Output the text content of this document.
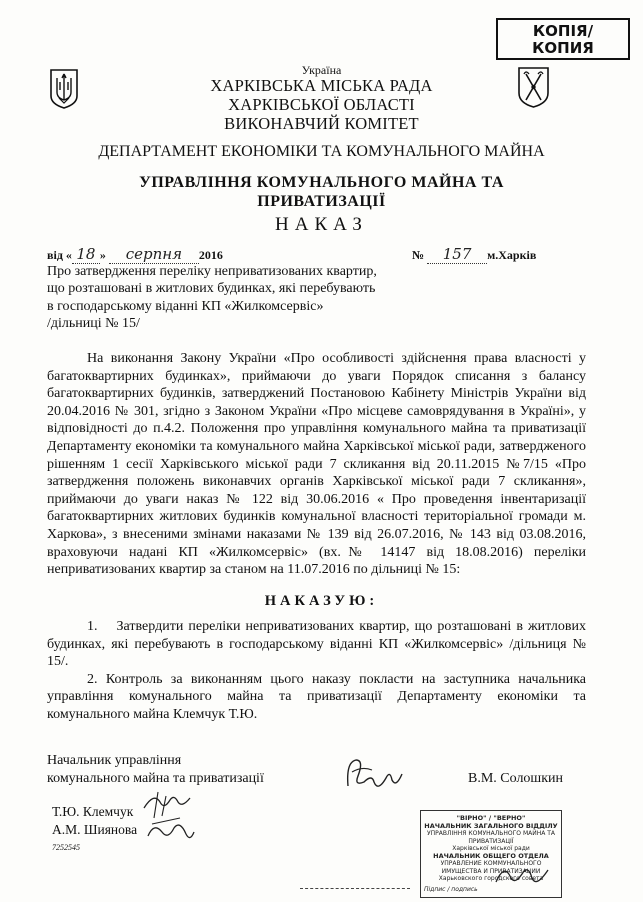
КОПІЯ/
КОПИЯ
Україна
ХАРКІВСЬКА МІСЬКА РАДА
ХАРКІВСЬКОЇ ОБЛАСТІ
ВИКОНАВЧИЙ КОМІТЕТ
ДЕПАРТАМЕНТ ЕКОНОМІКИ ТА КОМУНАЛЬНОГО МАЙНА
УПРАВЛІННЯ КОМУНАЛЬНОГО МАЙНА ТА ПРИВАТИЗАЦІЇ
НАКАЗ
від « 18 » серпня 2016	№ 157 м.Харків
Про затвердження переліку неприватизованих квартир,
що розташовані в житлових будинках, які перебувають
в господарському віданні КП «Жилкомсервіс»
/дільниці № 15/
На виконання Закону України «Про особливості здійснення права власності у багатоквартирних будинках», приймаючи до уваги Порядок списання з балансу багатоквартирних будинків, затверджений Постановою Кабінету Міністрів України від 20.04.2016 № 301, згідно з Законом України «Про місцеве самоврядування в Україні», у відповідності до п.4.2. Положення про управління комунального майна та приватизації Департаменту економіки та комунального майна Харківської міської ради, затвердженого рішенням 1 сесії Харківського міської ради 7 скликання від 20.11.2015 №7/15 «Про затвердження положень виконавчих органів Харківської міської ради 7 скликання», приймаючи до уваги наказ № 122 від 30.06.2016 « Про проведення інвентаризації багатоквартирних житлових будинків комунальної власності територіальної громади м. Харкова», з внесеними змінами наказами № 139 від 26.07.2016, № 143 від 03.08.2016, враховуючи надані КП «Жилкомсервіс» (вх.№ 14147 від 18.08.2016) переліки неприватизованих квартир за станом на 11.07.2016 по дільниці № 15:
НАКАЗУЮ:

1.  Затвердити переліки неприватизованих квартир, що розташовані в житлових будинках, які перебувають в господарському віданні КП «Жилкомсервіс» /дільниця № 15/.

2. Контроль за виконанням цього наказу покласти на заступника начальника управління комунального майна та приватизації Департаменту економіки та комунального майна Клемчук Т.Ю.

Начальник управління
комунального майна та приватизації	В.М. Солошкин
Т.Ю. Клемчук
А.М. Шиянова
7252545
"ВІРНО" / "ВЕРНО"
НАЧАЛЬНИК ЗАГАЛЬНОГО ВІДДІЛУ
УПРАВЛІННЯ КОМУНАЛЬНОГО МАЙНА ТА ПРИВАТИЗАЦІЇ
Харківської міської ради
НАЧАЛЬНИК ОБЩЕГО ОТДЕЛА
УПРАВЛЕНИЕ КОММУНАЛЬНОГО ИМУЩЕСТВА И ПРИВАТИЗАЦИИ
Харьковского городского совета
Підпис / подпись
